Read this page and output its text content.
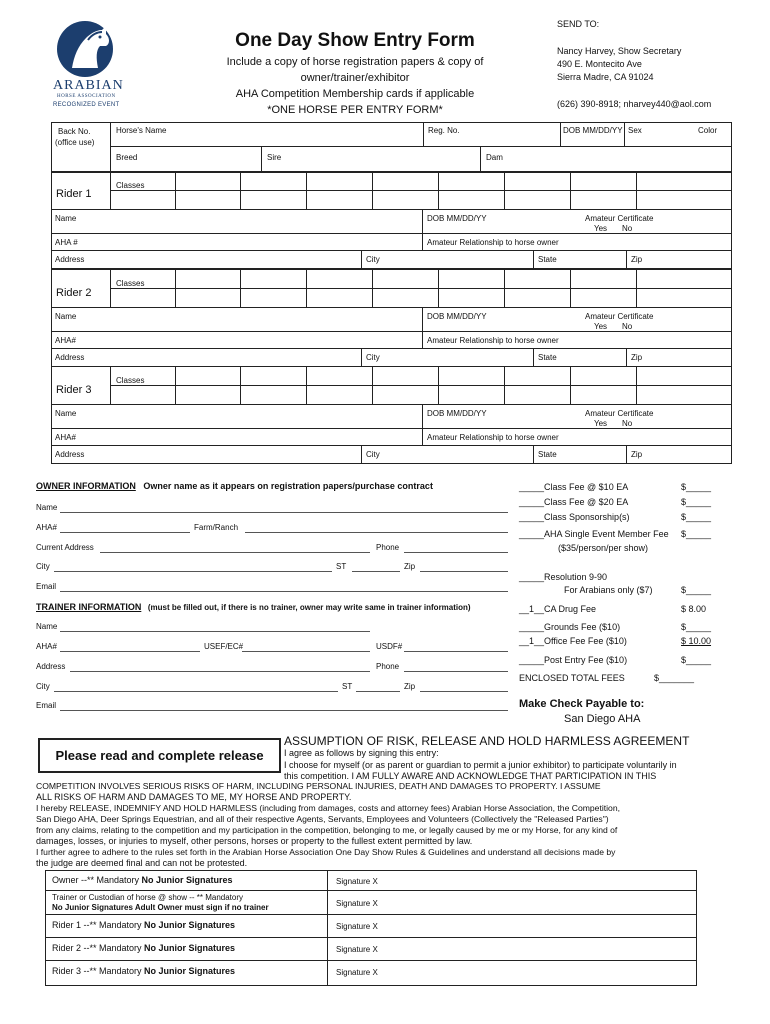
ARABIAN
HORSE ASSOCIATION
RECOGNIZED EVENT
One Day Show Entry Form
Include a copy of horse registration papers & copy of
owner/trainer/exhibitor
AHA Competition Membership cards if applicable
*ONE HORSE PER ENTRY FORM*
SEND TO:
Nancy Harvey, Show Secretary
490 E. Montecito Ave
Sierra Madre, CA 91024
(626) 390-8918; nharvey440@aol.com
Back No.
(office use)
Horse's Name	Reg. No.	DOB MM/DD/YY Sex	Color
Breed	Sire	Dam
Rider 1
Classes
Name	DOB MM/DD/YY	Amateur Certificate
Yes No
AHA #	Amateur Relationship to horse owner
Address	City	State	Zip
Rider 2
Classes
Name	DOB MM/DD/YY	Amateur Certificate
Yes No
AHA#	Amateur Relationship to horse owner
Address	City	State	Zip
Rider 3
Classes
Name	DOB MM/DD/YY	Amateur Certificate
Yes No
AHA#	Amateur Relationship to horse owner
Address	City	State	Zip
OWNER INFORMATION Owner name as it appears on registration papers/purchase contract
Name
AHA#	Farm/Ranch
Current Address	Phone
City	ST	Zip
Email
TRAINER INFORMATION (must be filled out, if there is no trainer, owner may write same in trainer information)
Name
AHA#	USEF/EC#	USDF#
Address	Phone
City	ST	Zip
Email
_____Class Fee @ $10 EA	$_____
_____Class Fee @ $20 EA	$_____
_____Class Sponsorship(s)	$_____
_____AHA Single Event Member Fee $_____
($35/person/per show)
_____Resolution 9-90
For Arabians only ($7)	$_____
__1__CA Drug Fee	$ 8.00
_____Grounds Fee ($10)	$_____
__1__Office Fee Fee ($10)	$ 10.00
_____Post Entry Fee ($10)	$_____
ENCLOSED TOTAL FEES	$_______
Make Check Payable to:
San Diego AHA
Please read and complete release
ASSUMPTION OF RISK, RELEASE AND HOLD HARMLESS AGREEMENT
I agree as follows by signing this entry:
I choose for myself (or as parent or guardian to permit a junior exhibitor) to participate voluntarily in
this competition. I AM FULLY AWARE AND ACKNOWLEDGE THAT PARTICIPATION IN THIS
COMPETITION INVOLVES SERIOUS RISKS OF HARM, INCLUDING PERSONAL INJURIES, DEATH AND DAMAGES TO PROPERTY. I ASSUME
ALL RISKS OF HARM AND DAMAGES TO ME, MY HORSE AND PROPERTY.
I hereby RELEASE, INDEMNIFY AND HOLD HARMLESS (including from damages, costs and attorney fees) Arabian Horse Association, the Competition,
San Diego AHA, Deer Springs Equestrian, and all of their respective Agents, Servants, Employees and Volunteers (Collectively the "Released Parties")
from any claims, relating to the competition and my participation in the competition, belonging to me, or legally caused by me or my Horse, for any kind of
damages, losses, or injuries to myself, other persons, horses or property to the fullest extent permitted by law.
I further agree to adhere to the rules set forth in the Arabian Horse Association One Day Show Rules & Guidelines and understand all decisions made by
the judge are deemed final and can not be protested.
Owner --** Mandatory No Junior Signatures	Signature X
Trainer or Custodian of horse @ show -- ** Mandatory
No Junior Signatures Adult Owner must sign if no trainer	Signature X
Rider 1 --** Mandatory No Junior Signatures	Signature X
Rider 2 --** Mandatory No Junior Signatures	Signature X
Rider 3 --** Mandatory No Junior Signatures	Signature X
